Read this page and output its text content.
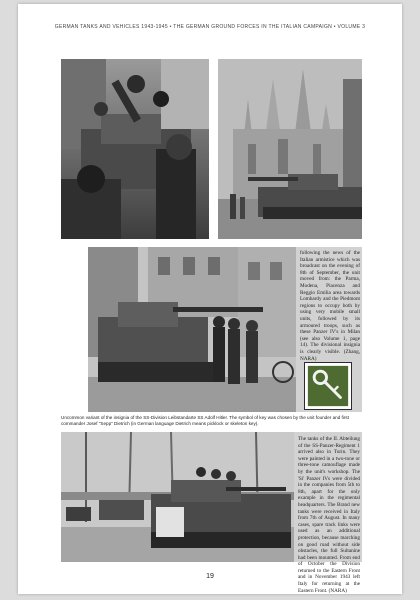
GERMAN TANKS AND VEHICLES 1943-1945 • THE GERMAN GROUND FORCES IN THE ITALIAN CAMPAIGN • VOLUME 3
following the news of the Italian armistice which was broadcast on the evening of 8th of September, the unit moved from: the Parma, Modena, Piacenza and Reggio Emilia area towards Lombardy and the Piedmont regions to occupy both by using very mobile small units, followed by its armoured troops, such as these Panzer IV's in Milan (see also Volume 1, page 14). The divisional insignia is clearly visible. (Zhang, NARA)
Uncommon variant of the insignia of the SS-Division Leibstandarte SS Adolf Hitler. The symbol of key was chosen by the unit founder and first commander Josef "Sepp" Dietrich (in German language Dietrich means picklock or skeleton key).
The tanks of the II. Abteilung of the SS-Panzer-Regiment 1 arrived also in Turin. They were painted in a two-tone or three-tone camouflage made by the unit's workshop. The 'Si' Panzer IVs were divided in the companies from 5th to 8th, apart for the only example in the regimental headquarters. The Brand new tanks were received in Italy from 7th of August. In many cases, spare track links were used as an additional protection, because marching on good road without side obstacles, the full Sultanine had been mounted. From end of October the Division returned to the Eastern Front and in November 1943 left Italy for returning at the Eastern Front. (NARA)
19
